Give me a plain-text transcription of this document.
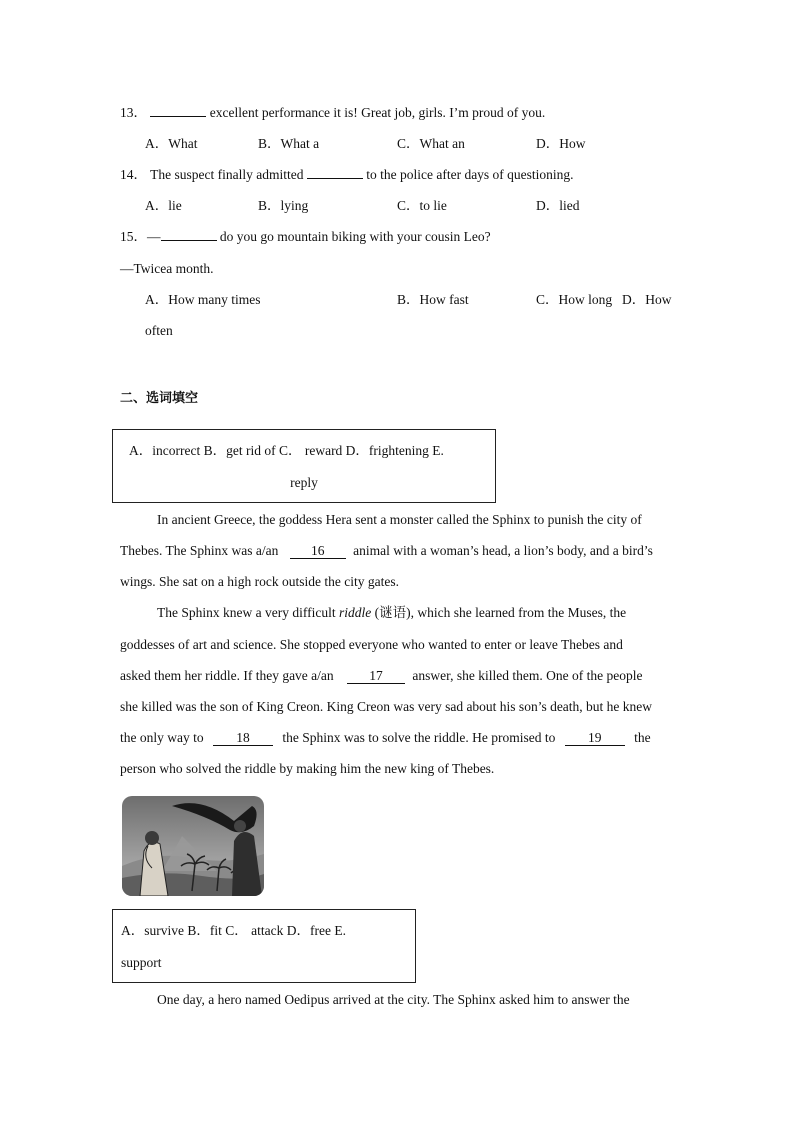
13．	excellent performance it is! Great job, girls. I’m proud of you.
A．What	B．What a	C．What an	D．How
14． The suspect finally admitted	to the police after days of questioning.
A．lie	B．lying	C．to lie	D．lied
15．—	do you go mountain biking with your cousin Leo?
—Twicea month.
A．How many times	B．How fast	C．How long D．How
often
二、选词填空
A．incorrect B．get rid of C． reward D．frightening E.
reply
In ancient Greece, the goddess Hera sent a monster called the Sphinx to punish the city of
Thebes. The Sphinx was a/an 16 animal with a woman’s head, a lion’s body, and a bird’s
wings. She sat on a high rock outside the city gates.
The Sphinx knew a very difficult riddle (谜语), which she learned from the Muses, the
goddesses of art and science. She stopped everyone who wanted to enter or leave Thebes and
asked them her riddle. If they gave a/an	17 answer, she killed them. One of the people
she killed was the son of King Creon. King Creon was very sad about his son’s death, but he knew
the only way to 18 the Sphinx was to solve the riddle. He promised to 19 the
person who solved the riddle by making him the new king of Thebes.
A．survive B．fit C． attack D．free E.
support
One day, a hero named Oedipus arrived at the city. The Sphinx asked him to answer the
